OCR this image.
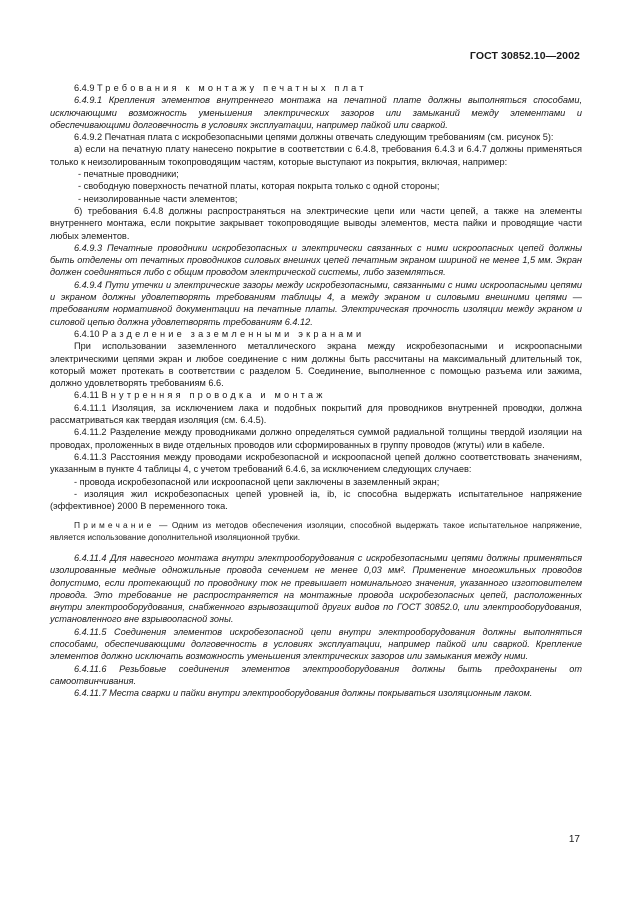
ГОСТ 30852.10—2002

6.4.9 Требования к монтажу печатных плат

6.4.9.1 Крепления элементов внутреннего монтажа на печатной плате должны выполняться способами, исключающими возможность уменьшения электрических зазоров или замыканий между элементами и обеспечивающими долговечность в условиях эксплуатации, например пайкой или сваркой.

6.4.9.2 Печатная плата с искробезопасными цепями должны отвечать следующим требованиям (см. рисунок 5):

а) если на печатную плату нанесено покрытие в соответствии с 6.4.8, требования 6.4.3 и 6.4.7 должны применяться только к неизолированным токопроводящим частям, которые выступают из покрытия, включая, например:

- печатные проводники;

- свободную поверхность печатной платы, которая покрыта только с одной стороны;

- неизолированные части элементов;

б) требования 6.4.8 должны распространяться на электрические цепи или части цепей, а также на элементы внутреннего монтажа, если покрытие закрывает токопроводящие выводы элементов, места пайки и проводящие части любых элементов.

6.4.9.3 Печатные проводники искробезопасных и электрически связанных с ними искроопасных цепей должны быть отделены от печатных проводников силовых внешних цепей печатным экраном шириной не менее 1,5 мм. Экран должен соединяться либо с общим проводом электрической системы, либо заземляться.

6.4.9.4 Пути утечки и электрические зазоры между искробезопасными, связанными с ними искроопасными цепями и экраном должны удовлетворять требованиям таблицы 4, а между экраном и силовыми внешними цепями — требованиям нормативной документации на печатные платы. Электрическая прочность изоляции между экраном и силовой цепью должна удовлетворять требованиям 6.4.12.

6.4.10 Разделение заземленными экранами

При использовании заземленного металлического экрана между искробезопасными и искроопасными электрическими цепями экран и любое соединение с ним должны быть рассчитаны на максимальный длительный ток, который может протекать в соответствии с разделом 5. Соединение, выполненное с помощью разъема или зажима, должно удовлетворять требованиям 6.6.

6.4.11 Внутренняя проводка и монтаж

6.4.11.1 Изоляция, за исключением лака и подобных покрытий для проводников внутренней проводки, должна рассматриваться как твердая изоляция (см. 6.4.5).

6.4.11.2 Разделение между проводниками должно определяться суммой радиальной толщины твердой изоляции на проводах, проложенных в виде отдельных проводов или сформированных в группу проводов (жгуты) или в кабеле.

6.4.11.3 Расстояния между проводами искробезопасной и искроопасной цепей должно соответствовать значениям, указанным в пункте 4 таблицы 4, с учетом требований 6.4.6, за исключением следующих случаев:

- провода искробезопасной или искроопасной цепи заключены в заземленный экран;

- изоляция жил искробезопасных цепей уровней ia, ib, ic способна выдержать испытательное напряжение (эффективное) 2000 В переменного тока.

Примечание — Одним из методов обеспечения изоляции, способной выдержать такое испытательное напряжение, является использование дополнительной изоляционной трубки.

6.4.11.4 Для навесного монтажа внутри электрооборудования с искробезопасными цепями должны применяться изолированные медные одножильные провода сечением не менее 0,03 мм². Применение многожильных проводов допустимо, если протекающий по проводнику ток не превышает номинального значения, указанного изготовителем провода. Это требование не распространяется на монтажные провода искробезопасных цепей, расположенных внутри электрооборудования, снабженного взрывозащитой других видов по ГОСТ 30852.0, или электрооборудования, установленного вне взрывоопасной зоны.

6.4.11.5 Соединения элементов искробезопасной цепи внутри электрооборудования должны выполняться способами, обеспечивающими долговечность в условиях эксплуатации, например пайкой или сваркой. Крепление элементов должно исключать возможность уменьшения электрических зазоров или замыкания между ними.

6.4.11.6 Резьбовые соединения элементов электрооборудования должны быть предохранены от самоотвинчивания.

6.4.11.7 Места сварки и пайки внутри электрооборудования должны покрываться изоляционным лаком.

17
